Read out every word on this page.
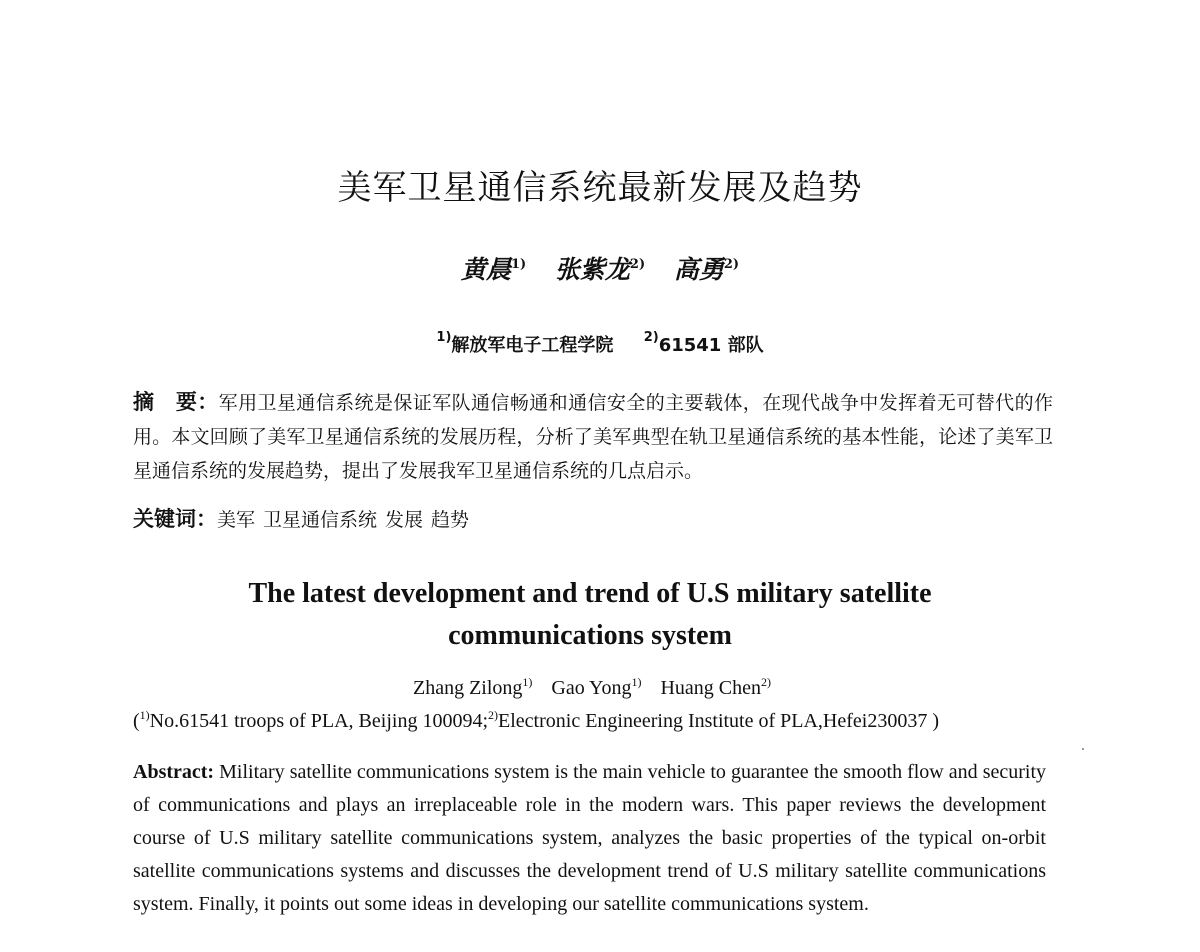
美军卫星通信系统最新发展及趋势
黄晨$^{1)}$ 张紫龙$^{2)}$ 高勇$^{2)}$
$^{1)}$解放军电子工程学院 $^{2)}$61541 部队
摘　要：军用卫星通信系统是保证军队通信畅通和通信安全的主要载体，在现代战争中发挥着无可替代的作用。本文回顾了美军卫星通信系统的发展历程，分析了美军典型在轨卫星通信系统的基本性能，论述了美军卫星通信系统的发展趋势，提出了发展我军卫星通信系统的几点启示。
关键词：美军 卫星通信系统 发展 趋势
The latest development and trend of U.S military satellite
communications system
Zhang Zilong$^{1)}$ Gao Yong$^{1)}$ Huang Chen$^{2)}$
($^{1)}$No.61541 troops of PLA, Beijing 100094;$^{2)}$Electronic Engineering Institute of PLA,Hefei230037 )
Abstract: Military satellite communications system is the main vehicle to guarantee the smooth flow and security of communications and plays an irreplaceable role in the modern wars. This paper reviews the development course of U.S military satellite communications system, analyzes the basic properties of the typical on-orbit satellite communications systems and discusses the development trend of U.S military satellite communications system. Finally, it points out some ideas in developing our satellite communications system.
